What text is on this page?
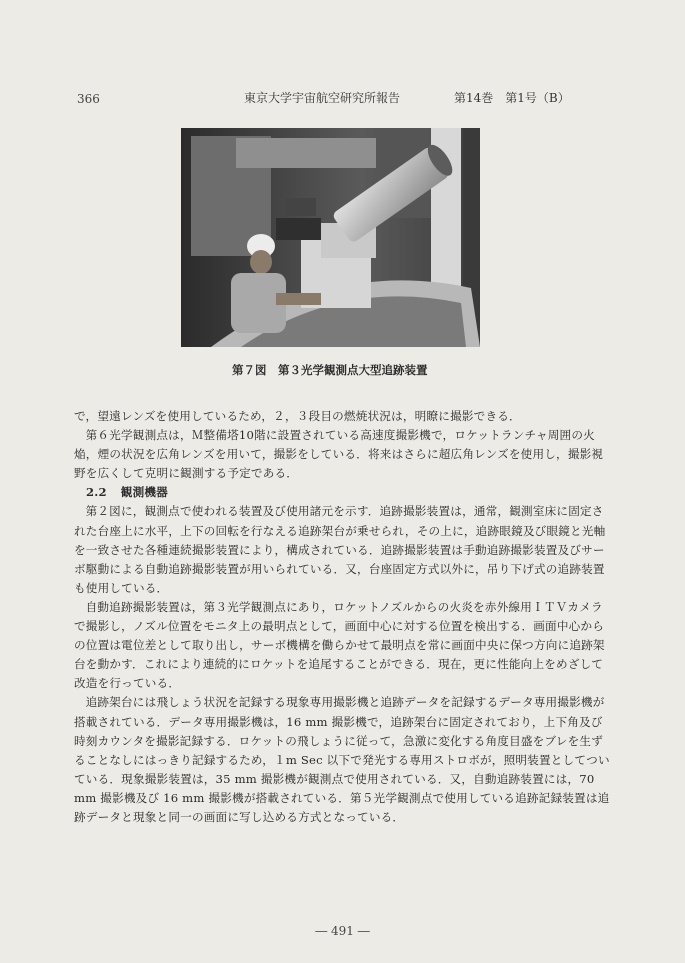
366	東京大学宇宙航空研究所報告	第14巻　第1号（B）
第７図　第３光学観測点大型追跡装置

で，望遠レンズを使用しているため，２，３段目の燃焼状況は，明瞭に撮影できる．

第６光学観測点は，Ｍ整備塔10階に設置されている高速度撮影機で，ロケットランチャ周囲の火焔，煙の状況を広角レンズを用いて，撮影をしている．将来はさらに超広角レンズを使用し，撮影視野を広くして克明に観測する予定である．

2.2 観測機器

第２図に，観測点で使われる装置及び使用諸元を示す．追跡撮影装置は，通常，観測室床に固定された台座上に水平，上下の回転を行なえる追跡架台が乗せられ，その上に，追跡眼鏡及び眼鏡と光軸を一致させた各種連続撮影装置により，構成されている．追跡撮影装置は手動追跡撮影装置及びサーボ駆動による自動追跡撮影装置が用いられている．又，台座固定方式以外に，吊り下げ式の追跡装置も使用している．

自動追跡撮影装置は，第３光学観測点にあり，ロケットノズルからの火炎を赤外線用ＩＴＶカメラで撮影し，ノズル位置をモニタ上の最明点として，画面中心に対する位置を検出する．画面中心からの位置は電位差として取り出し，サーボ機構を働らかせて最明点を常に画面中央に保つ方向に追跡架台を動かす．これにより連続的にロケットを追尾することができる．現在，更に性能向上をめざして改造を行っている．

追跡架台には飛しょう状況を記録する現象専用撮影機と追跡データを記録するデータ専用撮影機が搭載されている．データ専用撮影機は，16 mm 撮影機で，追跡架台に固定されており，上下角及び時刻カウンタを撮影記録する．ロケットの飛しょうに従って，急激に変化する角度目盛をブレを生ずることなしにはっきり記録するため，１m Sec 以下で発光する専用ストロボが，照明装置としてついている．現象撮影装置は，35 mm 撮影機が観測点で使用されている．又，自動追跡装置には，70 mm 撮影機及び 16 mm 撮影機が搭載されている．第５光学観測点で使用している追跡記録装置は追跡データと現象と同一の画面に写し込める方式となっている．

― 491 ―
